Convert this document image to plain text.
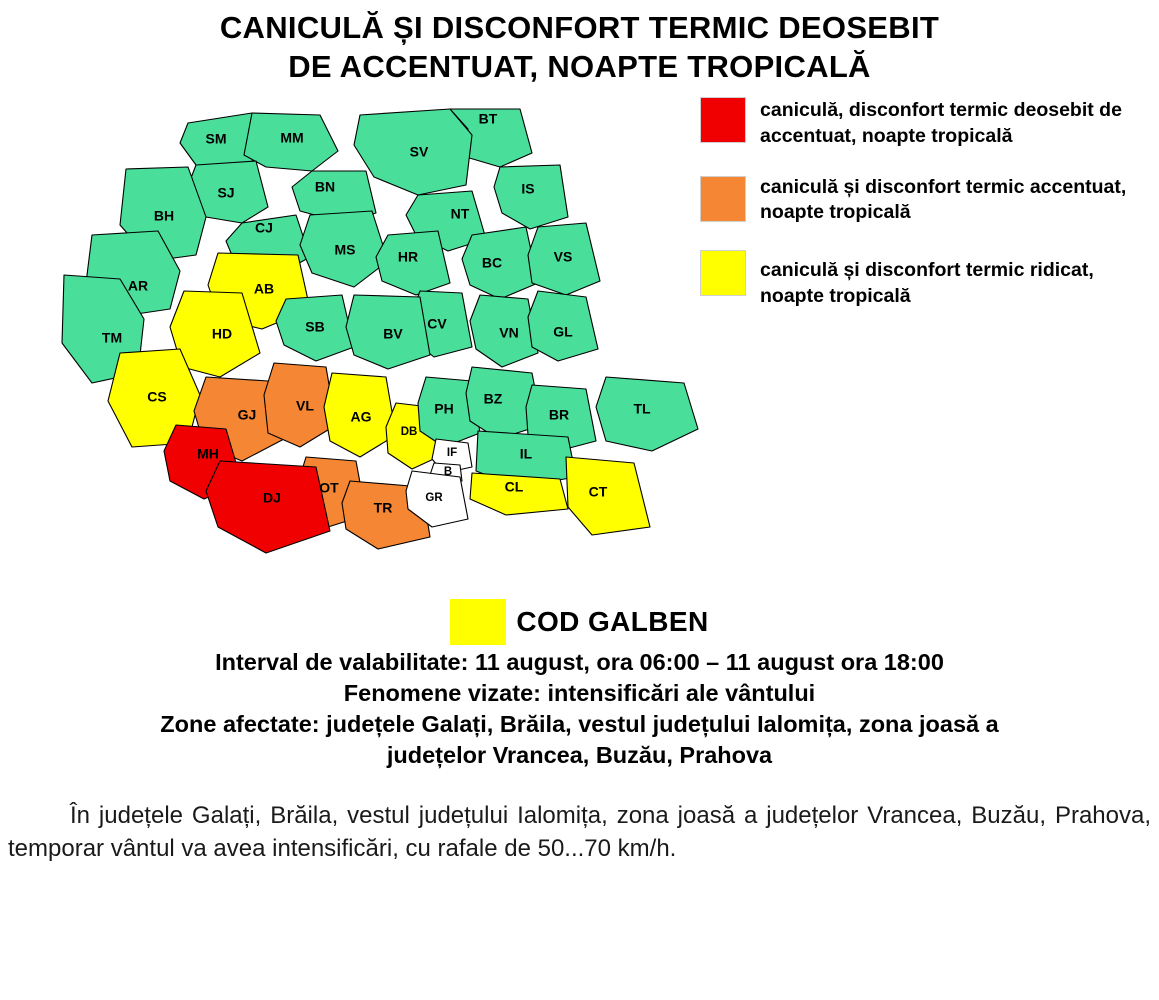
CANICULĂ ȘI DISCONFORT TERMIC DEOSEBIT
DE ACCENTUAT, NOAPTE TROPICALĂ
SM	MM
BT
SV
SJ	BN	IS
BH
CJ
NT
MS	HR	BC	VS
AR	AB
SB	CV
VN GL
TM	HD	BV
CS
GJ
VL
AG
DB
PH
BZ
BR	TL
MH
OT
IF
B
IL
DJ
TR
GR
CL	CT
caniculă, disconfort termic deosebit de accentuat, noapte tropicală
caniculă și disconfort termic accentuat, noapte tropicală
caniculă și disconfort termic ridicat, noapte tropicală
COD GALBEN
Interval de valabilitate: 11 august, ora 06:00 – 11 august ora 18:00
Fenomene vizate: intensificări ale vântului
Zone afectate: județele Galați, Brăila, vestul județului Ialomița, zona joasă a
județelor Vrancea, Buzău, Prahova
În județele Galați, Brăila, vestul județului Ialomița, zona joasă a județelor Vrancea, Buzău, Prahova, temporar vântul va avea intensificări, cu rafale de 50...70 km/h.
